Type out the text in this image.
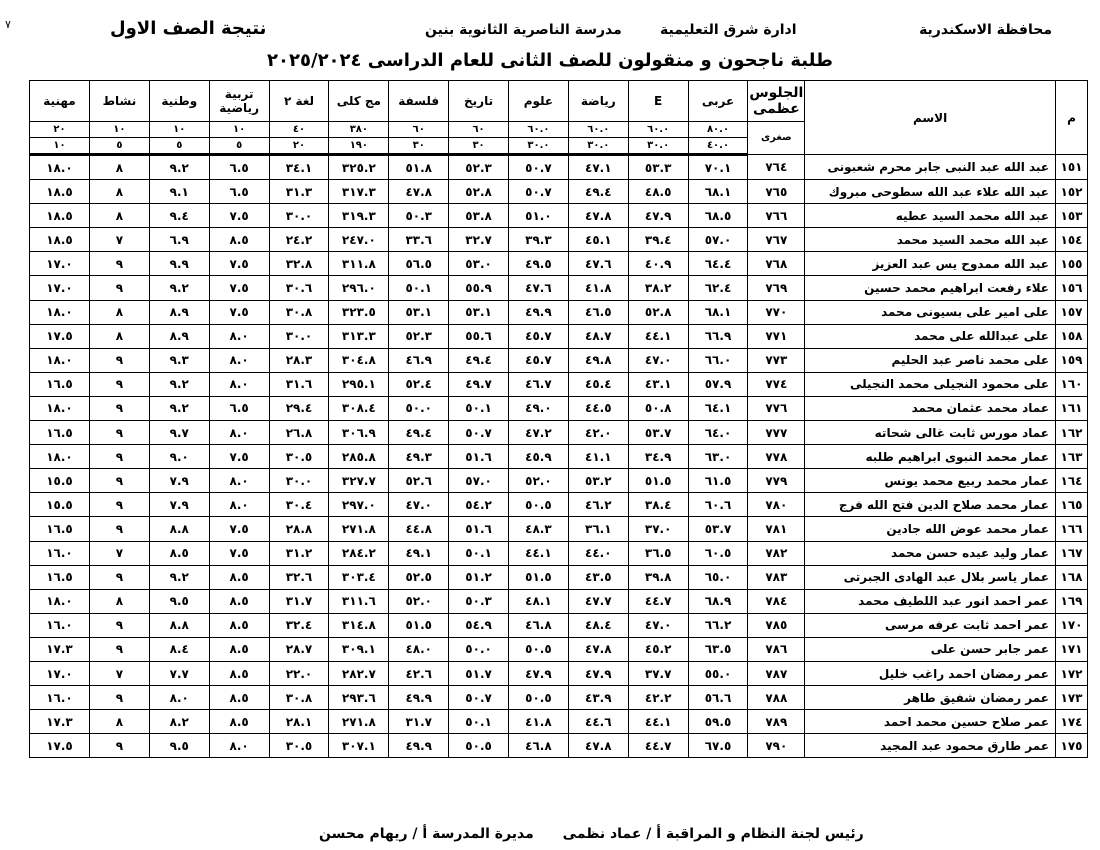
محافظة الاسكندرية
ادارة شرق التعليمية
مدرسة الناصرية الثانوية بنين
نتيجة الصف الاول
٧
طلبة ناجحون و منقولون للصف الثانى للعام الدراسى ٢٠٢٥/٢٠٢٤
م	الاسم	الجلوس
عظمى	عربى	E	رياضة	علوم	تاريخ	فلسفة	مج كلى	لغة ٢	تربية رياضية	وطنية	نشاط	مهنية
		صغرى	٨٠.٠	٦٠.٠	٦٠.٠	٦٠.٠	٦٠	٦٠	٣٨٠	٤٠	١٠	١٠	١٠	٢٠
			٤٠.٠	٣٠.٠	٣٠.٠	٣٠.٠	٣٠	٣٠	١٩٠	٢٠	٥	٥	٥	١٠
١٥١	عبد الله عبد النبى جابر محرم شعبونى	٧٦٤	٧٠.١	٥٣.٣	٤٧.١	٥٠.٧	٥٢.٣	٥١.٨	٣٢٥.٢	٣٤.١	٦.٥	٩.٢	٨	١٨.٠
١٥٢	عبد الله علاء عبد الله سطوحى مبروك	٧٦٥	٦٨.١	٤٨.٥	٤٩.٤	٥٠.٧	٥٢.٨	٤٧.٨	٣١٧.٣	٣١.٣	٦.٥	٩.١	٨	١٨.٥
١٥٣	عبد الله محمد السيد عطيه	٧٦٦	٦٨.٥	٤٧.٩	٤٧.٨	٥١.٠	٥٣.٨	٥٠.٣	٣١٩.٣	٣٠.٠	٧.٥	٩.٤	٨	١٨.٥
١٥٤	عبد الله محمد السيد محمد	٧٦٧	٥٧.٠	٣٩.٤	٤٥.١	٣٩.٣	٣٢.٧	٣٣.٦	٢٤٧.٠	٢٤.٢	٨.٥	٦.٩	٧	١٨.٥
١٥٥	عبد الله ممدوح يس عبد العزيز	٧٦٨	٦٤.٤	٤٠.٩	٤٧.٦	٤٩.٥	٥٣.٠	٥٦.٥	٣١١.٨	٣٢.٨	٧.٥	٩.٩	٩	١٧.٠
١٥٦	علاء رفعت ابراهيم محمد حسين	٧٦٩	٦٢.٤	٣٨.٢	٤١.٨	٤٧.٦	٥٥.٩	٥٠.١	٢٩٦.٠	٣٠.٦	٧.٥	٩.٢	٩	١٧.٠
١٥٧	على امير على بسيونى محمد	٧٧٠	٦٨.١	٥٢.٨	٤٦.٥	٤٩.٩	٥٣.١	٥٣.١	٣٢٣.٥	٣٠.٨	٧.٥	٨.٩	٨	١٨.٠
١٥٨	على عبدالله على محمد	٧٧١	٦٦.٩	٤٤.١	٤٨.٧	٤٥.٧	٥٥.٦	٥٢.٣	٣١٣.٣	٣٠.٠	٨.٠	٨.٩	٨	١٧.٥
١٥٩	على محمد ناصر عبد الحليم	٧٧٣	٦٦.٠	٤٧.٠	٤٩.٨	٤٥.٧	٤٩.٤	٤٦.٩	٣٠٤.٨	٢٨.٣	٨.٠	٩.٣	٩	١٨.٠
١٦٠	على محمود النجيلى محمد النجيلى	٧٧٤	٥٧.٩	٤٣.١	٤٥.٤	٤٦.٧	٤٩.٧	٥٢.٤	٢٩٥.١	٣١.٦	٨.٠	٩.٢	٩	١٦.٥
١٦١	عماد محمد عثمان محمد	٧٧٦	٦٤.١	٥٠.٨	٤٤.٥	٤٩.٠	٥٠.١	٥٠.٠	٣٠٨.٤	٢٩.٤	٦.٥	٩.٢	٩	١٨.٠
١٦٢	عماد مورس ثابت غالى شحاته	٧٧٧	٦٤.٠	٥٣.٧	٤٢.٠	٤٧.٢	٥٠.٧	٤٩.٤	٣٠٦.٩	٢٦.٨	٨.٠	٩.٧	٩	١٦.٥
١٦٣	عمار محمد النبوى ابراهيم طلبه	٧٧٨	٦٣.٠	٣٤.٩	٤١.١	٤٥.٩	٥١.٦	٤٩.٣	٢٨٥.٨	٣٠.٥	٧.٥	٩.٠	٩	١٨.٠
١٦٤	عمار محمد ربيع محمد يونس	٧٧٩	٦١.٥	٥١.٥	٥٣.٢	٥٢.٠	٥٧.٠	٥٢.٦	٣٢٧.٧	٣٠.٠	٨.٠	٧.٩	٩	١٥.٥
١٦٥	عمار محمد صلاح الدين فتح الله فرج	٧٨٠	٦٠.٦	٣٨.٤	٤٦.٢	٥٠.٥	٥٤.٢	٤٧.٠	٢٩٧.٠	٣٠.٤	٨.٠	٧.٩	٩	١٥.٥
١٦٦	عمار محمد عوض الله جادين	٧٨١	٥٣.٧	٣٧.٠	٣٦.١	٤٨.٣	٥١.٦	٤٤.٨	٢٧١.٨	٢٨.٨	٧.٥	٨.٨	٩	١٦.٥
١٦٧	عمار وليد عيده حسن محمد	٧٨٢	٦٠.٥	٣٦.٥	٤٤.٠	٤٤.١	٥٠.١	٤٩.١	٢٨٤.٢	٣١.٢	٧.٥	٨.٥	٧	١٦.٠
١٦٨	عمار ياسر بلال عبد الهادى الجبرتى	٧٨٣	٦٥.٠	٣٩.٨	٤٣.٥	٥١.٥	٥١.٢	٥٢.٥	٣٠٣.٤	٣٢.٦	٨.٥	٩.٢	٩	١٦.٥
١٦٩	عمر احمد انور عبد اللطيف محمد	٧٨٤	٦٨.٩	٤٤.٧	٤٧.٧	٤٨.١	٥٠.٣	٥٢.٠	٣١١.٦	٣١.٧	٨.٥	٩.٥	٨	١٨.٠
١٧٠	عمر احمد ثابت عرفه مرسى	٧٨٥	٦٦.٢	٤٧.٠	٤٨.٤	٤٦.٨	٥٤.٩	٥١.٥	٣١٤.٨	٣٢.٤	٨.٥	٨.٨	٩	١٦.٠
١٧١	عمر جابر حسن على	٧٨٦	٦٣.٥	٤٥.٢	٤٧.٨	٥٠.٥	٥٠.٠	٤٨.٠	٣٠٩.١	٢٨.٧	٨.٥	٨.٤	٩	١٧.٣
١٧٢	عمر رمضان احمد راغب خليل	٧٨٧	٥٥.٠	٣٧.٧	٤٧.٩	٤٧.٩	٥١.٧	٤٢.٦	٢٨٢.٧	٢٢.٠	٨.٥	٧.٧	٧	١٧.٠
١٧٣	عمر رمضان شفيق طاهر	٧٨٨	٥٦.٦	٤٢.٢	٤٣.٩	٥٠.٥	٥٠.٧	٤٩.٩	٢٩٣.٦	٣٠.٨	٨.٥	٨.٠	٩	١٦.٠
١٧٤	عمر صلاح حسين محمد احمد	٧٨٩	٥٩.٥	٤٤.١	٤٤.٦	٤١.٨	٥٠.١	٣١.٧	٢٧١.٨	٢٨.١	٨.٥	٨.٢	٨	١٧.٣
١٧٥	عمر طارق محمود عبد المجيد	٧٩٠	٦٧.٥	٤٤.٧	٤٧.٨	٤٦.٨	٥٠.٥	٤٩.٩	٣٠٧.١	٣٠.٥	٨.٠	٩.٥	٩	١٧.٥
رئيس لجنة النظام و المراقبة أ / عماد نظمى مديرة المدرسة أ / ريهام محسن
